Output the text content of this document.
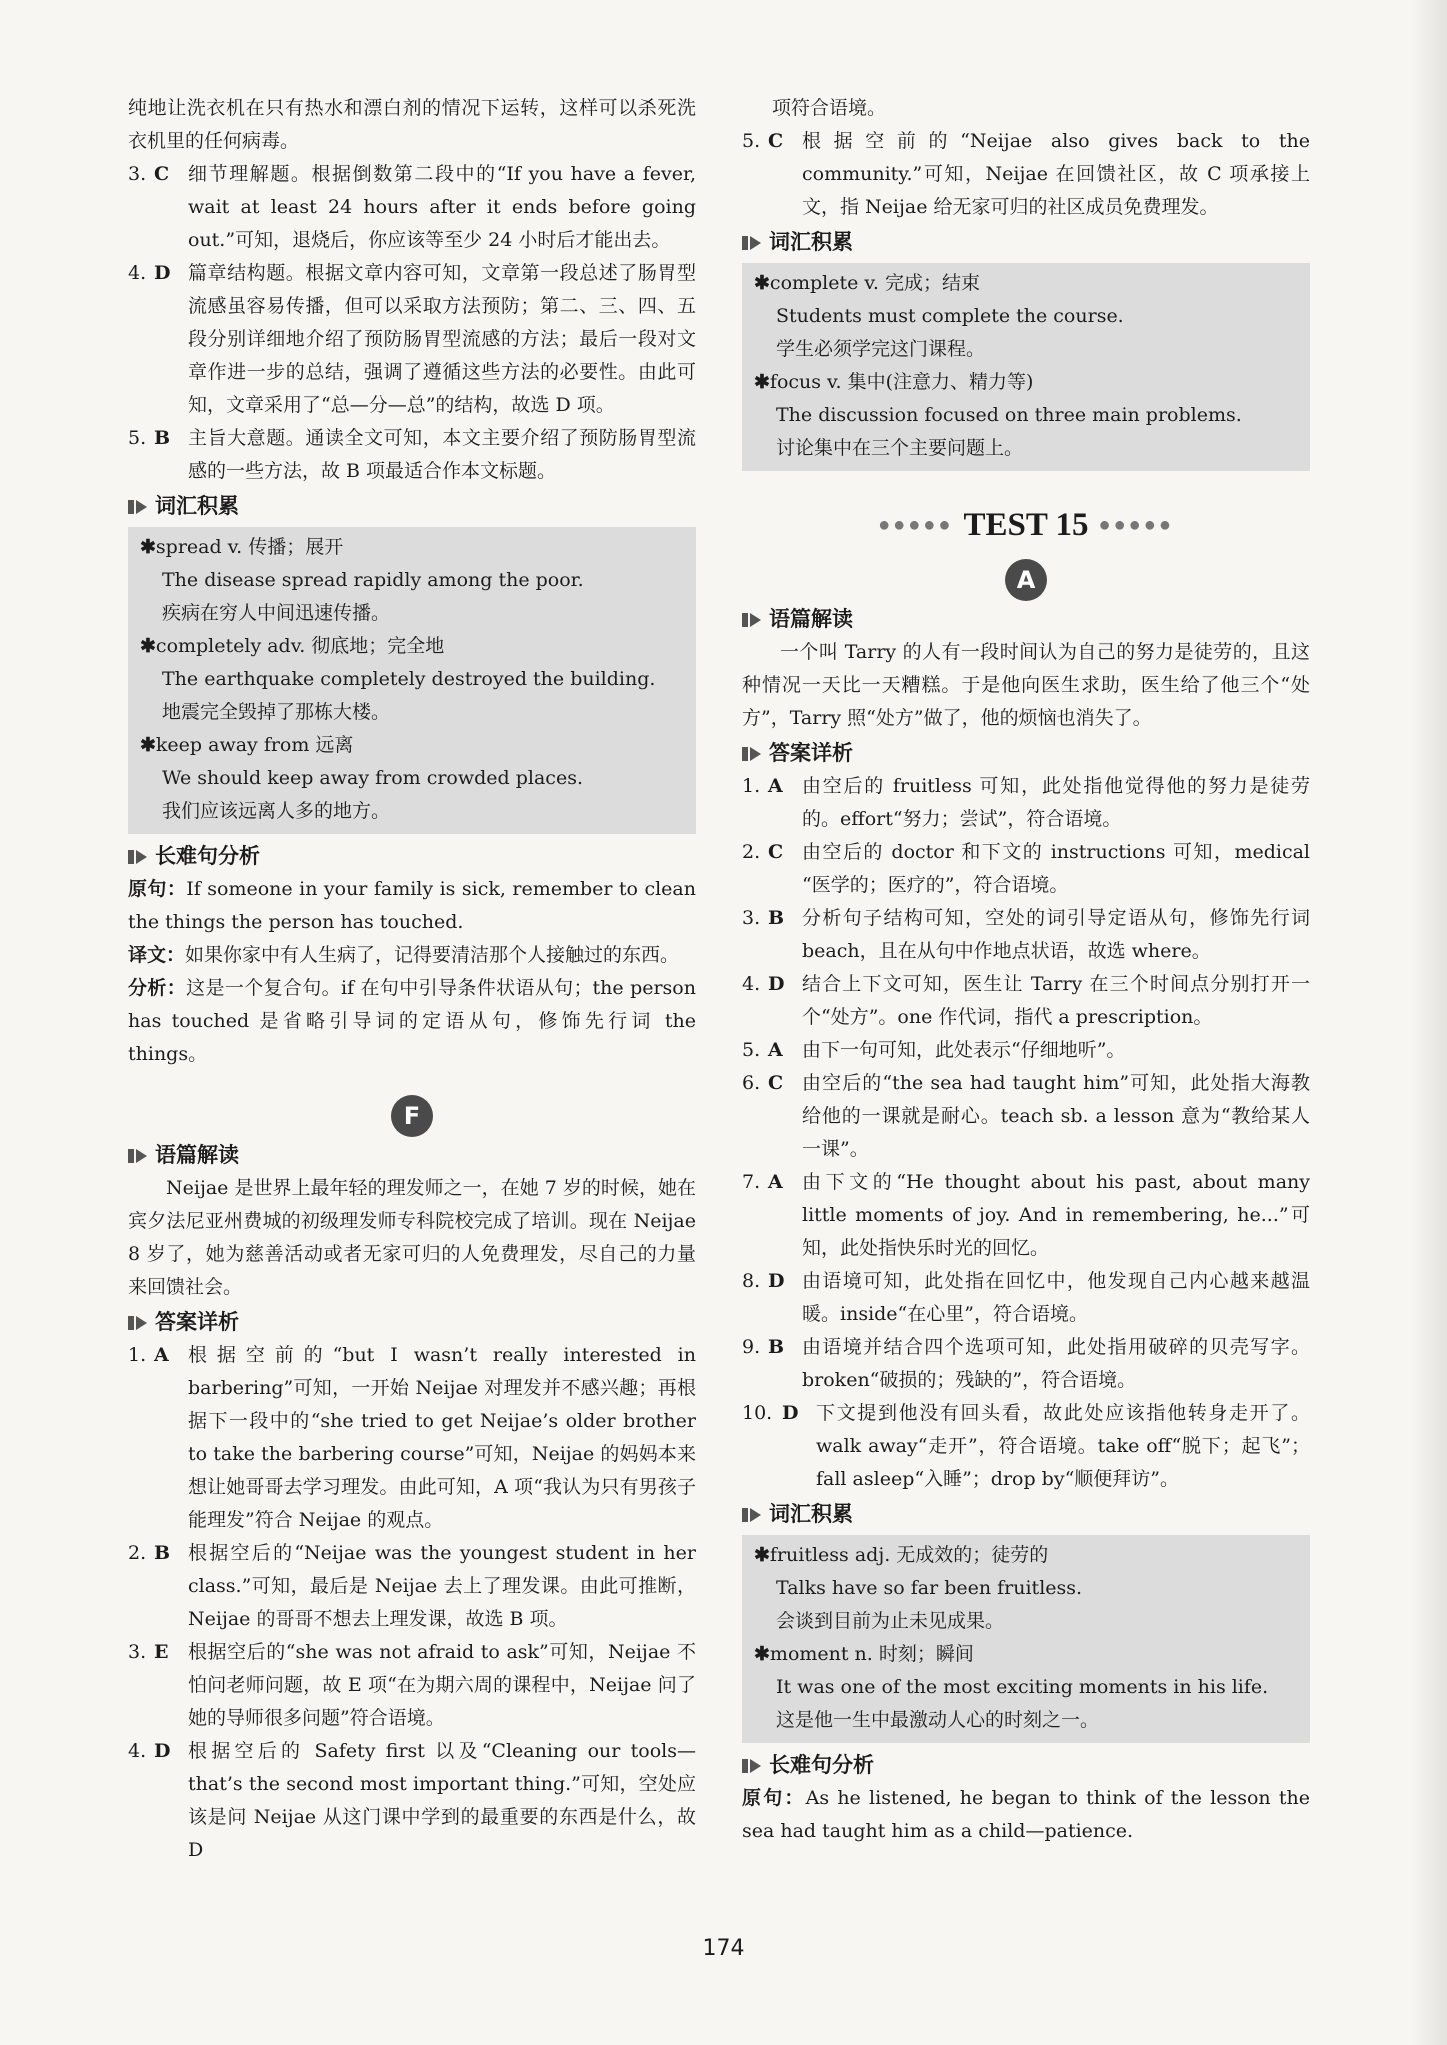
纯地让洗衣机在只有热水和漂白剂的情况下运转，这样可以杀死洗衣机里的任何病毒。

3. C 细节理解题。根据倒数第二段中的“If you have a fever, wait at least 24 hours after it ends before going out.”可知，退烧后，你应该等至少 24 小时后才能出去。
4. D 篇章结构题。根据文章内容可知，文章第一段总述了肠胃型流感虽容易传播，但可以采取方法预防；第二、三、四、五段分别详细地介绍了预防肠胃型流感的方法；最后一段对文章作进一步的总结，强调了遵循这些方法的必要性。由此可知，文章采用了“总—分—总”的结构，故选 D 项。
5. B 主旨大意题。通读全文可知，本文主要介绍了预防肠胃型流感的一些方法，故 B 项最适合作本文标题。
词汇积累
✱spread v. 传播；展开
The disease spread rapidly among the poor.
疾病在穷人中间迅速传播。
✱completely adv. 彻底地；完全地
The earthquake completely destroyed the building.
地震完全毁掉了那栋大楼。
✱keep away from 远离
We should keep away from crowded places.
我们应该远离人多的地方。
长难句分析

原句：If someone in your family is sick, remember to clean the things the person has touched.

译文：如果你家中有人生病了，记得要清洁那个人接触过的东西。

分析：这是一个复合句。if 在句中引导条件状语从句；the person has touched 是省略引导词的定语从句，修饰先行词 the things。

F
语篇解读

Neijae 是世界上最年轻的理发师之一，在她 7 岁的时候，她在宾夕法尼亚州费城的初级理发师专科院校完成了培训。现在 Neijae 8 岁了，她为慈善活动或者无家可归的人免费理发，尽自己的力量来回馈社会。

答案详析
1. A	根据空前的“but I wasn’t really interested in barbering”可知，一开始 Neijae 对理发并不感兴趣；再根据下一段中的“she tried to get Neijae’s older brother to take the barbering course”可知，Neijae 的妈妈本来想让她哥哥去学习理发。由此可知，A 项“我认为只有男孩子能理发”符合 Neijae 的观点。
2. B 根据空后的“Neijae was the youngest student in her class.”可知，最后是 Neijae 去上了理发课。由此可推断，Neijae 的哥哥不想去上理发课，故选 B 项。
3. E	根据空后的“she was not afraid to ask”可知，Neijae 不怕问老师问题，故 E 项“在为期六周的课程中，Neijae 问了她的导师很多问题”符合语境。
4. D 根据空后的 Safety first 以及“Cleaning our tools—that’s the second most important thing.”可知，空处应该是问 Neijae 从这门课中学到的最重要的东西是什么，故 D

项符合语境。

5. C 根据空前的“Neijae also gives back to the community.”可知，Neijae 在回馈社区，故 C 项承接上文，指 Neijae 给无家可归的社区成员免费理发。
词汇积累
✱complete v. 完成；结束
Students must complete the course.
学生必须学完这门课程。
✱focus v. 集中(注意力、精力等)
The discussion focused on three main problems.
讨论集中在三个主要问题上。
●●●●● TEST 15 ●●●●●
A
语篇解读

一个叫 Tarry 的人有一段时间认为自己的努力是徒劳的，且这种情况一天比一天糟糕。于是他向医生求助，医生给了他三个“处方”，Tarry 照“处方”做了，他的烦恼也消失了。

答案详析
1. A	由空后的 fruitless 可知，此处指他觉得他的努力是徒劳的。effort“努力；尝试”，符合语境。
2. C 由空后的 doctor 和下文的 instructions 可知，medical “医学的；医疗的”，符合语境。
3. B 分析句子结构可知，空处的词引导定语从句，修饰先行词 beach，且在从句中作地点状语，故选 where。
4. D 结合上下文可知，医生让 Tarry 在三个时间点分别打开一个“处方”。one 作代词，指代 a prescription。
5. A	由下一句可知，此处表示“仔细地听”。
6. C 由空后的“the sea had taught him”可知，此处指大海教给他的一课就是耐心。teach sb. a lesson 意为“教给某人一课”。
7. A	由下文的“He thought about his past, about many little moments of joy. And in remembering, he...”可知，此处指快乐时光的回忆。
8. D 由语境可知，此处指在回忆中，他发现自己内心越来越温暖。inside“在心里”，符合语境。
9. B 由语境并结合四个选项可知，此处指用破碎的贝壳写字。broken“破损的；残缺的”，符合语境。
10. D 下文提到他没有回头看，故此处应该指他转身走开了。walk away“走开”，符合语境。take off“脱下；起飞”；fall asleep“入睡”；drop by“顺便拜访”。
词汇积累
✱fruitless adj. 无成效的；徒劳的
Talks have so far been fruitless.
会谈到目前为止未见成果。
✱moment n. 时刻；瞬间
It was one of the most exciting moments in his life.
这是他一生中最激动人心的时刻之一。
长难句分析

原句：As he listened, he began to think of the lesson the sea had taught him as a child—patience.

174
